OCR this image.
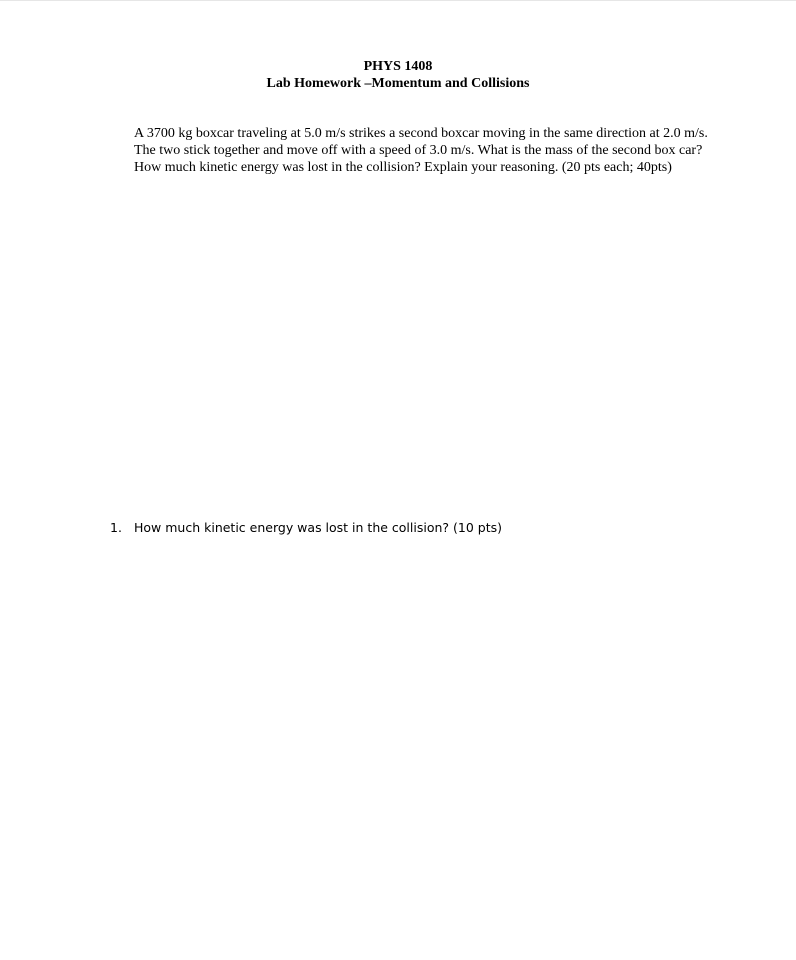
PHYS 1408
Lab Homework –Momentum and Collisions
A 3700 kg boxcar traveling at 5.0 m/s strikes a second boxcar moving in the same direction at 2.0 m/s. The two stick together and move off with a speed of 3.0 m/s. What is the mass of the second box car? How much kinetic energy was lost in the collision? Explain your reasoning. (20 pts each; 40pts)
1. How much kinetic energy was lost in the collision? (10 pts)
